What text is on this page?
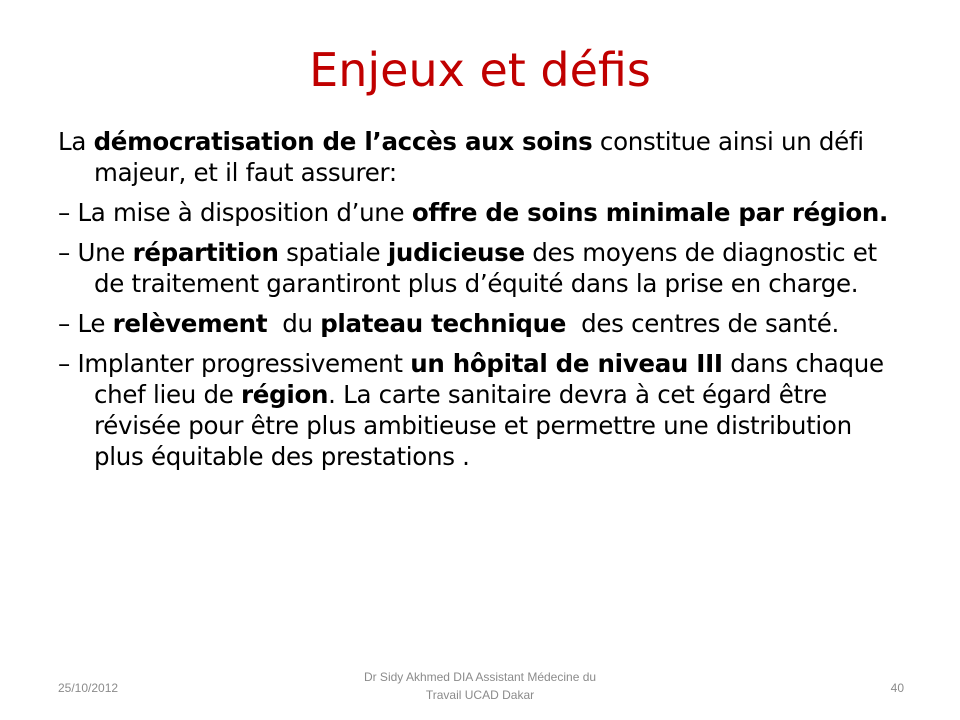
Enjeux et défis

La démocratisation de l’accès aux soins constitue ainsi un défi majeur, et il faut assurer:

– La mise à disposition d’une offre de soins minimale par région.

– Une répartition spatiale judicieuse des moyens de diagnostic et de traitement garantiront plus d’équité dans la prise en charge.

– Le relèvement  du plateau technique  des centres de santé.

– Implanter progressivement un hôpital de niveau III dans chaque chef lieu de région. La carte sanitaire devra à cet égard être révisée pour être plus ambitieuse et permettre une distribution plus équitable des prestations .

25/10/2012
Dr Sidy Akhmed DIA Assistant Médecine du
Travail UCAD Dakar	40
